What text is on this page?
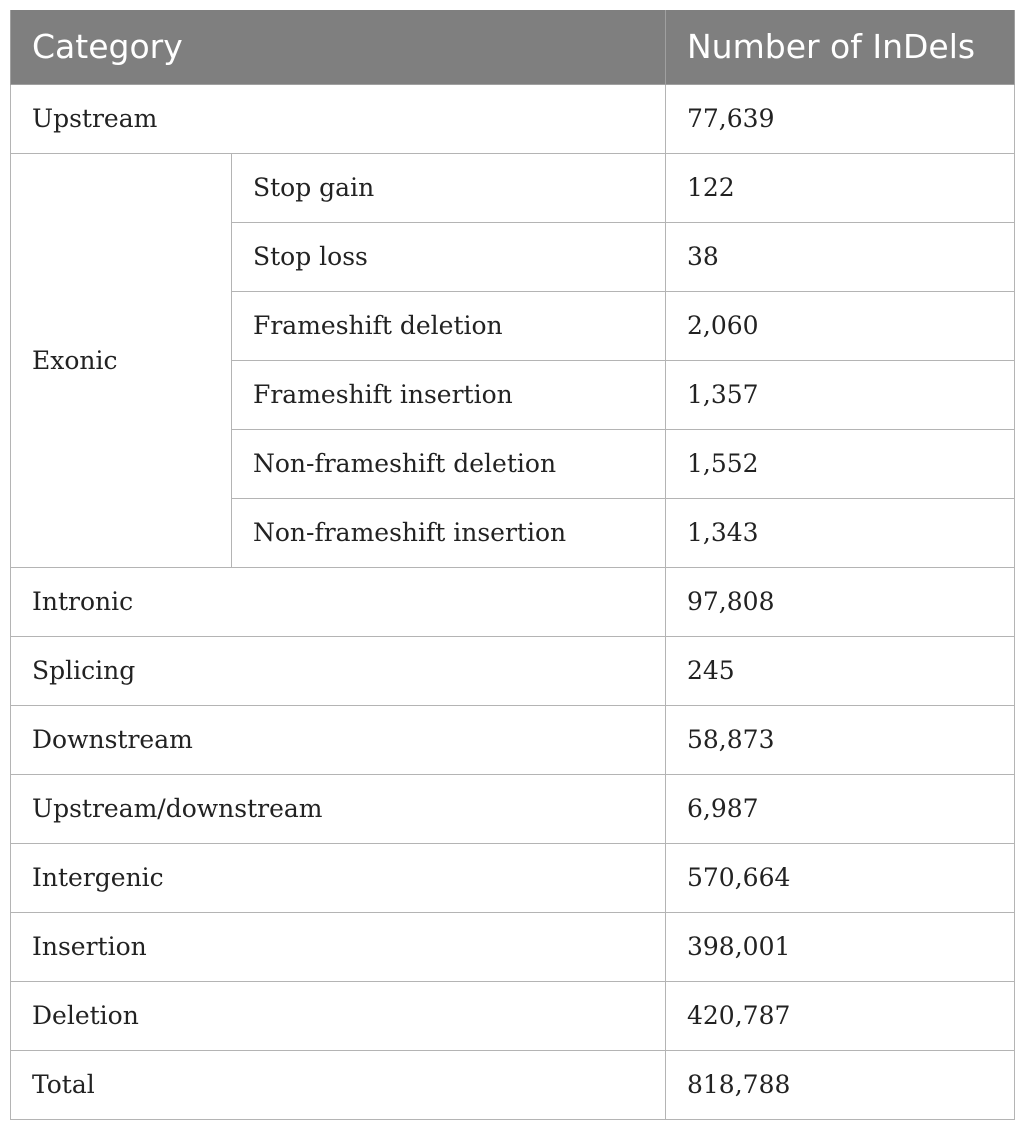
Category		Number of InDels
Upstream		77,639
Exonic	Stop gain	122
	Stop loss	38
	Frameshift deletion	2,060
	Frameshift insertion	1,357
	Non-frameshift deletion	1,552
	Non-frameshift insertion	1,343
Intronic		97,808
Splicing		245
Downstream		58,873
Upstream/downstream		6,987
Intergenic		570,664
Insertion		398,001
Deletion		420,787
Total		818,788
